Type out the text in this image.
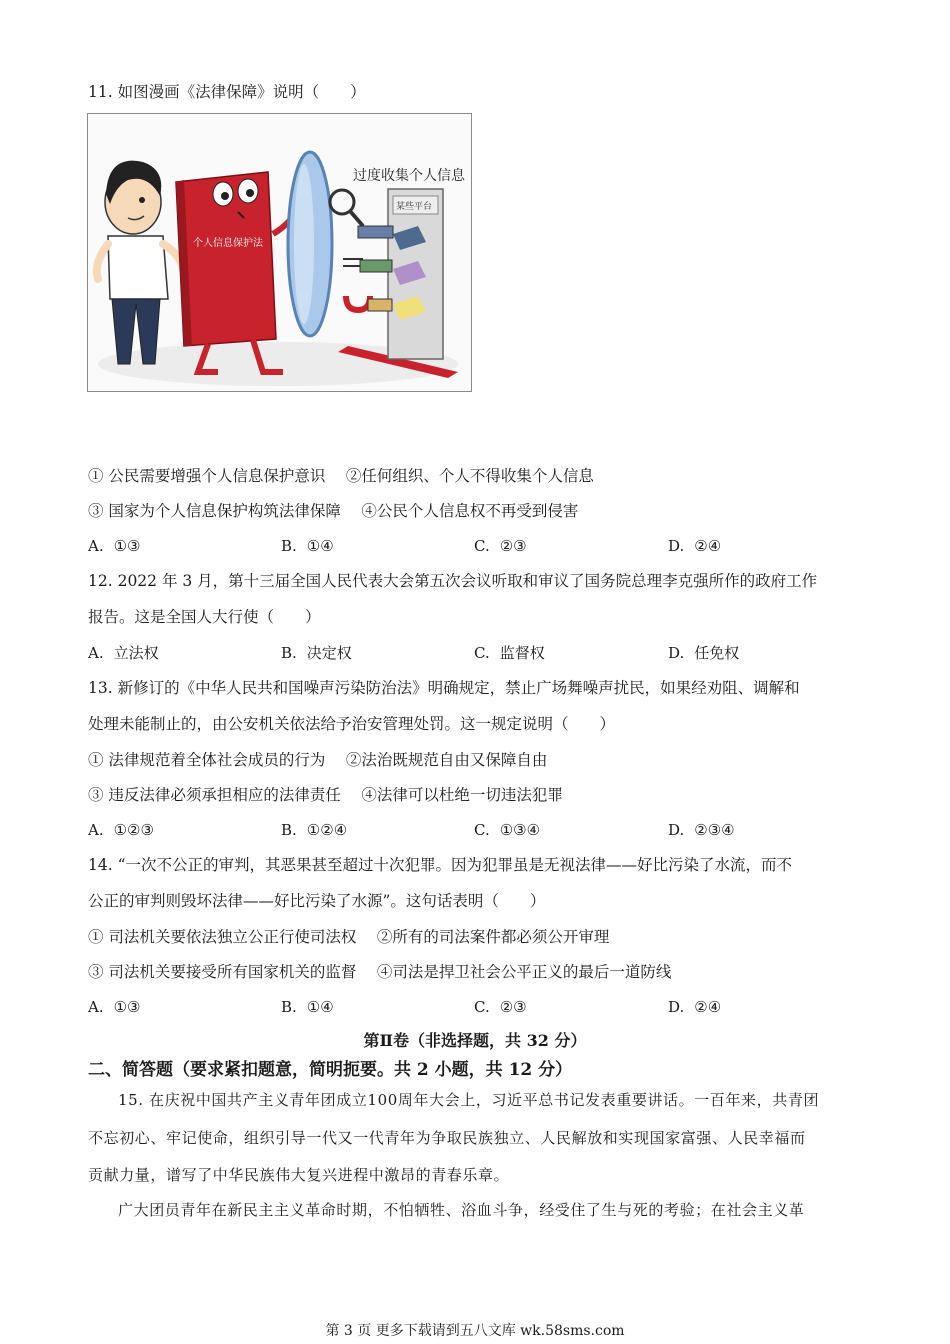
11. 如图漫画《法律保障》说明（　　）
个人信息保护法
过度收集个人信息
某些平台
① 公民需要增强个人信息保护意识　 ②任何组织、个人不得收集个人信息
③ 国家为个人信息保护构筑法律保障　 ④公民个人信息权不再受到侵害
A. ①③	B. ①④	C. ②③	D. ②④
12. 2022 年 3 月，第十三届全国人民代表大会第五次会议听取和审议了国务院总理李克强所作的政府工作
报告。这是全国人大行使（　　）
A. 立法权	B. 决定权	C. 监督权	D. 任免权
13. 新修订的《中华人民共和国噪声污染防治法》明确规定，禁止广场舞噪声扰民，如果经劝阻、调解和
处理未能制止的，由公安机关依法给予治安管理处罚。这一规定说明（　　）
① 法律规范着全体社会成员的行为　 ②法治既规范自由又保障自由
③ 违反法律必须承担相应的法律责任　 ④法律可以杜绝一切违法犯罪
A. ①②③	B. ①②④	C. ①③④	D. ②③④
14. “一次不公正的审判，其恶果甚至超过十次犯罪。因为犯罪虽是无视法律——好比污染了水流，而不
公正的审判则毁坏法律——好比污染了水源”。这句话表明（　　）
① 司法机关要依法独立公正行使司法权　 ②所有的司法案件都必须公开审理
③ 司法机关要接受所有国家机关的监督　 ④司法是捍卫社会公平正义的最后一道防线
A. ①③	B. ①④	C. ②③	D. ②④
第Ⅱ卷（非选择题，共 32 分）
二、简答题（要求紧扣题意，简明扼要。共 2 小题，共 12 分）
15. 在庆祝中国共产主义青年团成立100周年大会上，习近平总书记发表重要讲话。一百年来，共青团
不忘初心、牢记使命，组织引导一代又一代青年为争取民族独立、人民解放和实现国家富强、人民幸福而
贡献力量，谱写了中华民族伟大复兴进程中激昂的青春乐章。
广大团员青年在新民主主义革命时期，不怕牺牲、浴血斗争，经受住了生与死的考验；在社会主义革
第 3 页 更多下载请到五八文库 wk.58sms.com
